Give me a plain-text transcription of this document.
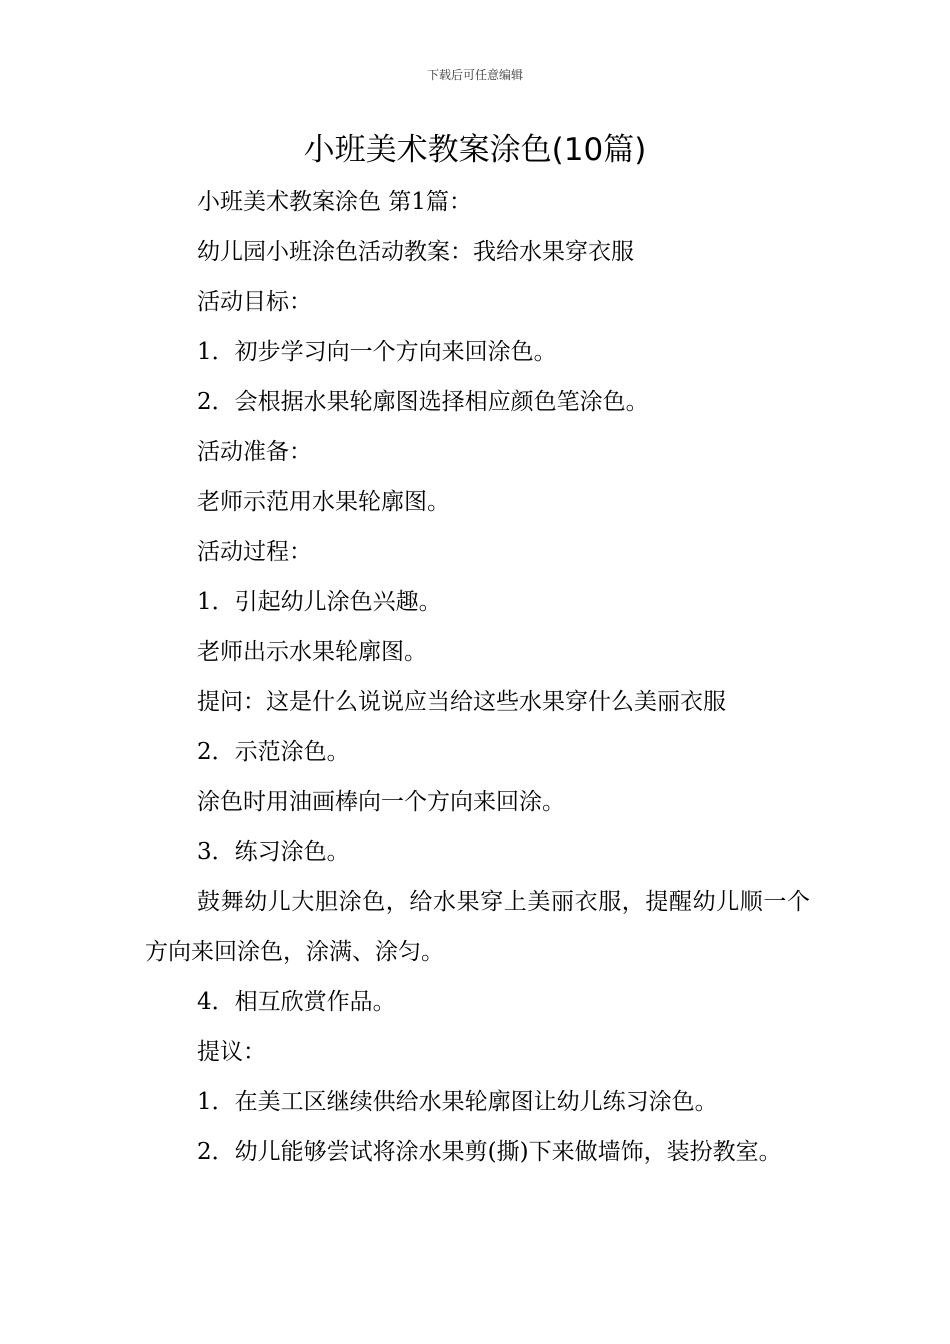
下载后可任意编辑
小班美术教案涂色(10篇)

小班美术教案涂色 第1篇：

幼儿园小班涂色活动教案：我给水果穿衣服

活动目标：

1．初步学习向一个方向来回涂色。

2．会根据水果轮廓图选择相应颜色笔涂色。

活动准备：

老师示范用水果轮廓图。

活动过程：

1．引起幼儿涂色兴趣。

老师出示水果轮廓图。

提问：这是什么说说应当给这些水果穿什么美丽衣服

2．示范涂色。

涂色时用油画棒向一个方向来回涂。

3．练习涂色。

鼓舞幼儿大胆涂色，给水果穿上美丽衣服，提醒幼儿顺一个方向来回涂色，涂满、涂匀。

4．相互欣赏作品。

提议：

1．在美工区继续供给水果轮廓图让幼儿练习涂色。

2．幼儿能够尝试将涂水果剪(撕)下来做墙饰，装扮教室。
